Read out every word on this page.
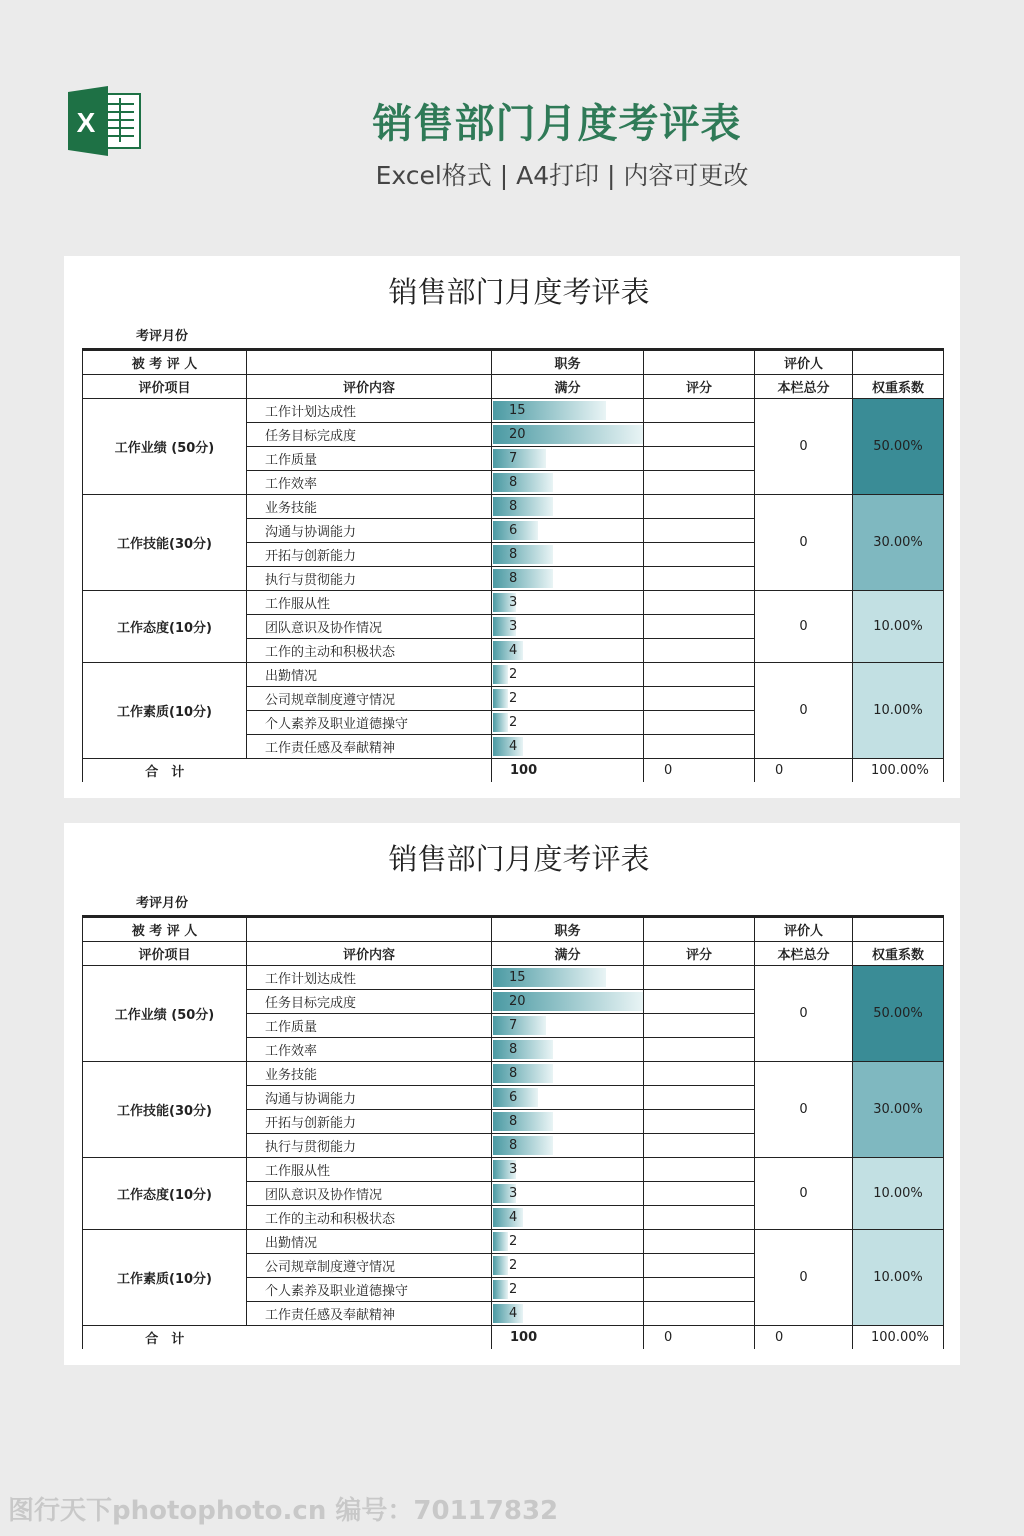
X	销售部门月度考评表
Excel格式 | A4打印 | 内容可更改
销售部门月度考评表
考评月份
被 考 评 人		职务		评价人	
评价项目	评价内容	满分	评分	本栏总分	权重系数
工作业绩 (50分)	工作计划达成性	15		0	50.00%
	任务目标完成度	20			
	工作质量	7			
	工作效率	8			
工作技能(30分)	业务技能	8		0	30.00%
	沟通与协调能力	6			
	开拓与创新能力	8			
	执行与贯彻能力	8			
工作态度(10分)	工作服从性	3		0	10.00%
	团队意识及协作情况	3			
	工作的主动和积极状态	4			
工作素质(10分)	出勤情况	2		0	10.00%
	公司规章制度遵守情况	2			
	个人素养及职业道德操守	2			
	工作责任感及奉献精神	4			
合　计		100	0	0	100.00%
销售部门月度考评表
考评月份
被 考 评 人		职务		评价人	
评价项目	评价内容	满分	评分	本栏总分	权重系数
工作业绩 (50分)	工作计划达成性	15		0	50.00%
	任务目标完成度	20			
	工作质量	7			
	工作效率	8			
工作技能(30分)	业务技能	8		0	30.00%
	沟通与协调能力	6			
	开拓与创新能力	8			
	执行与贯彻能力	8			
工作态度(10分)	工作服从性	3		0	10.00%
	团队意识及协作情况	3			
	工作的主动和积极状态	4			
工作素质(10分)	出勤情况	2		0	10.00%
	公司规章制度遵守情况	2			
	个人素养及职业道德操守	2			
	工作责任感及奉献精神	4			
合　计		100	0	0	100.00%
图行天下photophoto.cn 编号：70117832
